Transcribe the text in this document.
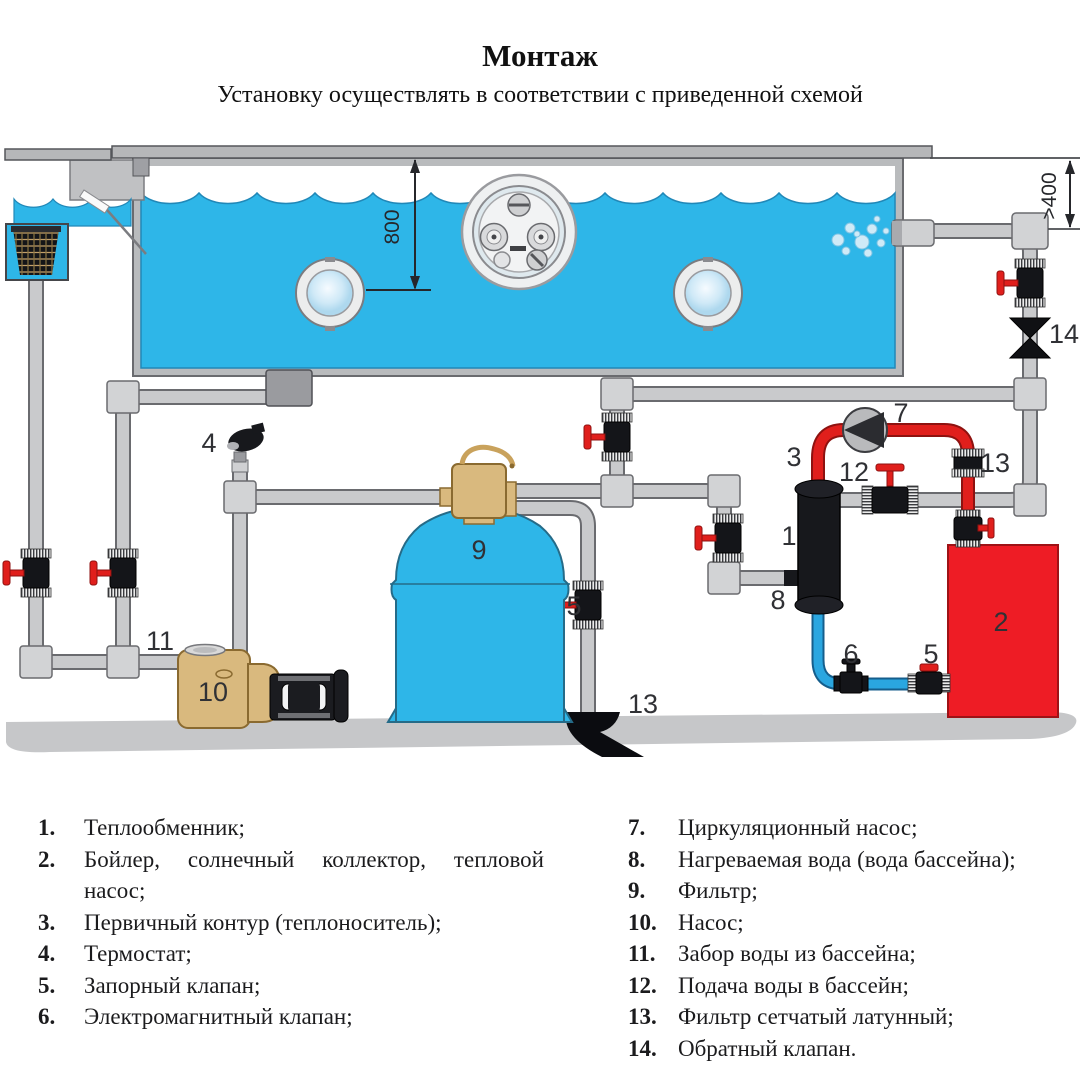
Монтаж
Установку осуществлять в соответствии с приведенной схемой
800
>400
4
9
10
11
5
13
8
1
3 12
7
13
6 5
2
14
1.	Теплообменник;
2.	Бойлер, солнечный коллектор, тепловой насос;
3.	Первичный контур (теплоноситель);
4.	Термостат;
5.	Запорный клапан;
6.	Электромагнитный клапан;
7.	Циркуляционный насос;
8.	Нагреваемая вода (вода бассейна);
9.	Фильтр;
10. Насос;
11. Забор воды из бассейна;
12. Подача воды в бассейн;
13. Фильтр сетчатый латунный;
14. Обратный клапан.
